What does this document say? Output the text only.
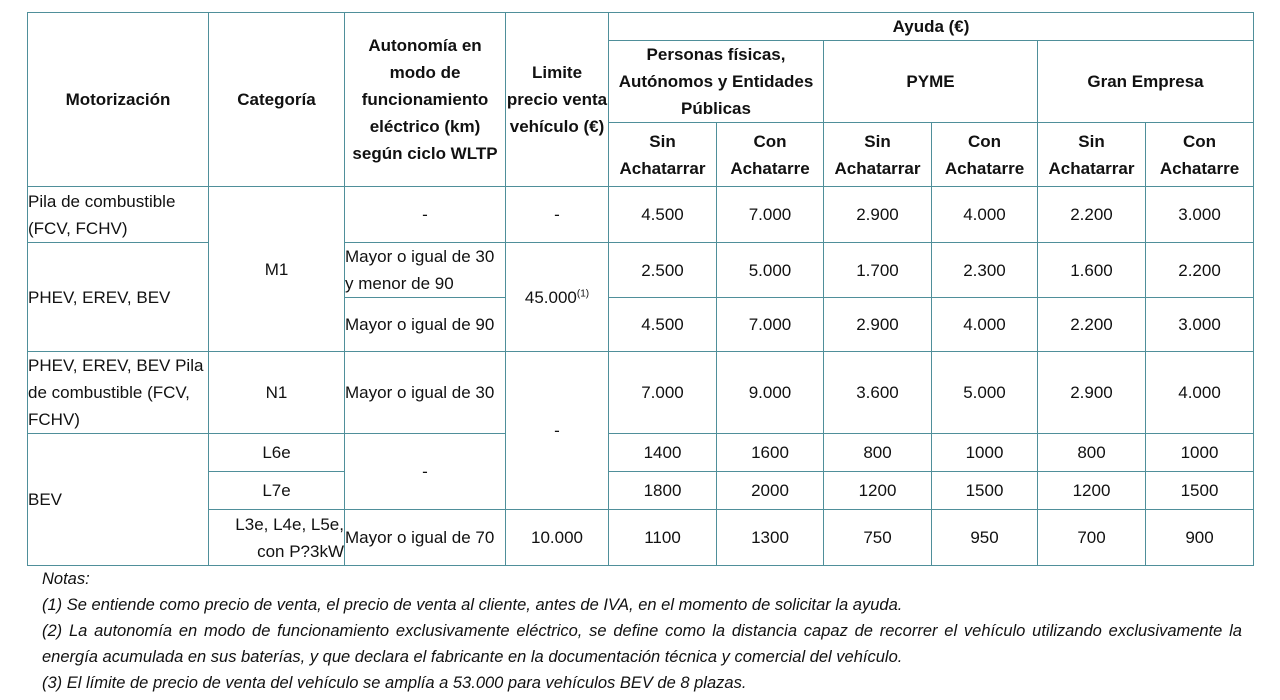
Motorización	Categoría	Autonomía en modo de funcionamiento eléctrico (km) según ciclo WLTP	Limite precio venta vehículo (€)	Ayuda (€)					
				Personas físicas, Autónomos y Entidades Públicas		PYME		Gran Empresa	
				Sin Achatarrar	Con Achatarre	Sin Achatarrar	Con Achatarre	Sin Achatarrar	Con Achatarre
Pila de combustible (FCV, FCHV)	M1	-	-	4.500	7.000	2.900	4.000	2.200	3.000
PHEV, EREV, BEV		Mayor o igual de 30 y menor de 90	45.000$^{(1)}$	2.500	5.000	1.700	2.300	1.600	2.200
		Mayor o igual de 90		4.500	7.000	2.900	4.000	2.200	3.000
PHEV, EREV, BEV Pila de combustible (FCV, FCHV)	N1	Mayor o igual de 30	-	7.000	9.000	3.600	5.000	2.900	4.000
BEV	L6e	-		1400	1600	800	1000	800	1000
	L7e			1800	2000	1200	1500	1200	1500
	L3e, L4e, L5e, con P?3kW	Mayor o igual de 70	10.000	1100	1300	750	950	700	900

Notas:

(1) Se entiende como precio de venta, el precio de venta al cliente, antes de IVA, en el momento de solicitar la ayuda.

(2) La autonomía en modo de funcionamiento exclusivamente eléctrico, se define como la distancia capaz de recorrer el vehículo utilizando exclusivamente la energía acumulada en sus baterías, y que declara el fabricante en la documentación técnica y comercial del vehículo.

(3) El límite de precio de venta del vehículo se amplía a 53.000 para vehículos BEV de 8 plazas.
